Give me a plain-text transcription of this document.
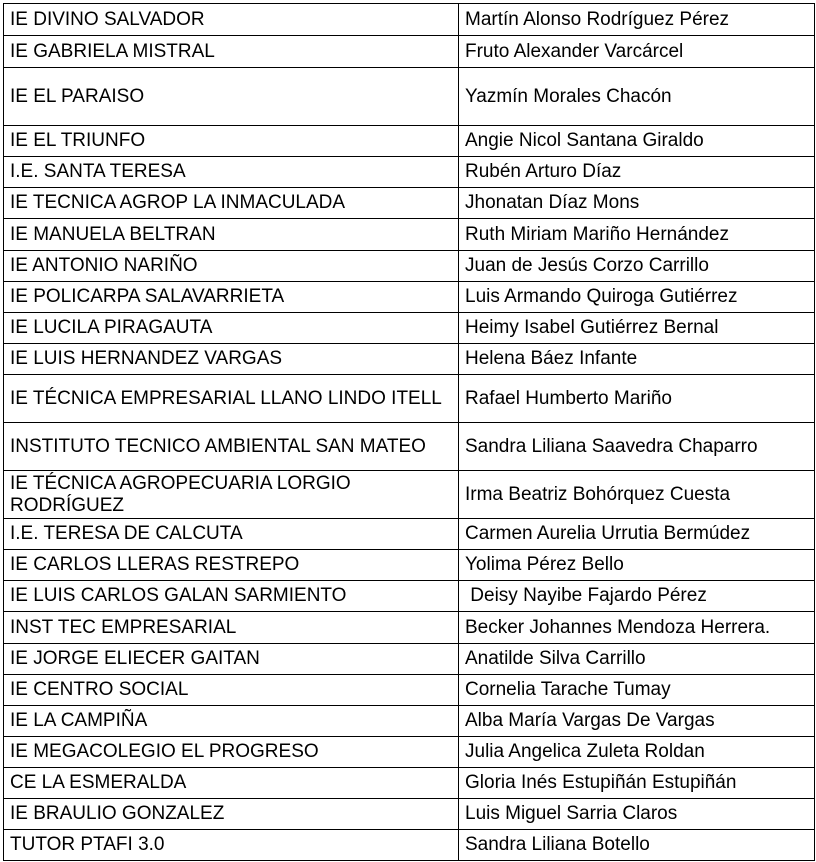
IE DIVINO SALVADOR	Martín Alonso Rodríguez Pérez
IE GABRIELA MISTRAL	Fruto Alexander Varcárcel
IE EL PARAISO	Yazmín Morales Chacón
IE EL TRIUNFO	Angie Nicol Santana Giraldo
I.E. SANTA TERESA	Rubén Arturo Díaz
IE TECNICA AGROP LA INMACULADA	Jhonatan Díaz Mons
IE MANUELA BELTRAN	Ruth Miriam Mariño Hernández
IE ANTONIO NARIÑO	Juan de Jesús Corzo Carrillo
IE POLICARPA SALAVARRIETA	Luis Armando Quiroga Gutiérrez
IE LUCILA PIRAGAUTA	Heimy Isabel Gutiérrez Bernal
IE LUIS HERNANDEZ VARGAS	Helena Báez Infante
IE TÉCNICA EMPRESARIAL LLANO LINDO ITELL	Rafael Humberto Mariño
INSTITUTO TECNICO AMBIENTAL SAN MATEO	Sandra Liliana Saavedra Chaparro
IE TÉCNICA AGROPECUARIA LORGIO RODRÍGUEZ	Irma Beatriz Bohórquez Cuesta
I.E. TERESA DE CALCUTA	Carmen Aurelia Urrutia Bermúdez
IE CARLOS LLERAS RESTREPO	Yolima Pérez Bello
IE LUIS CARLOS GALAN SARMIENTO	Deisy Nayibe Fajardo Pérez
INST TEC EMPRESARIAL	Becker Johannes Mendoza Herrera.
IE JORGE ELIECER GAITAN	Anatilde Silva Carrillo
IE CENTRO SOCIAL	Cornelia Tarache Tumay
IE LA CAMPIÑA	Alba María Vargas De Vargas
IE MEGACOLEGIO EL PROGRESO	Julia Angelica Zuleta Roldan
CE LA ESMERALDA	Gloria Inés Estupiñán Estupiñán
IE BRAULIO GONZALEZ	Luis Miguel Sarria Claros
TUTOR PTAFI 3.0	Sandra Liliana Botello
